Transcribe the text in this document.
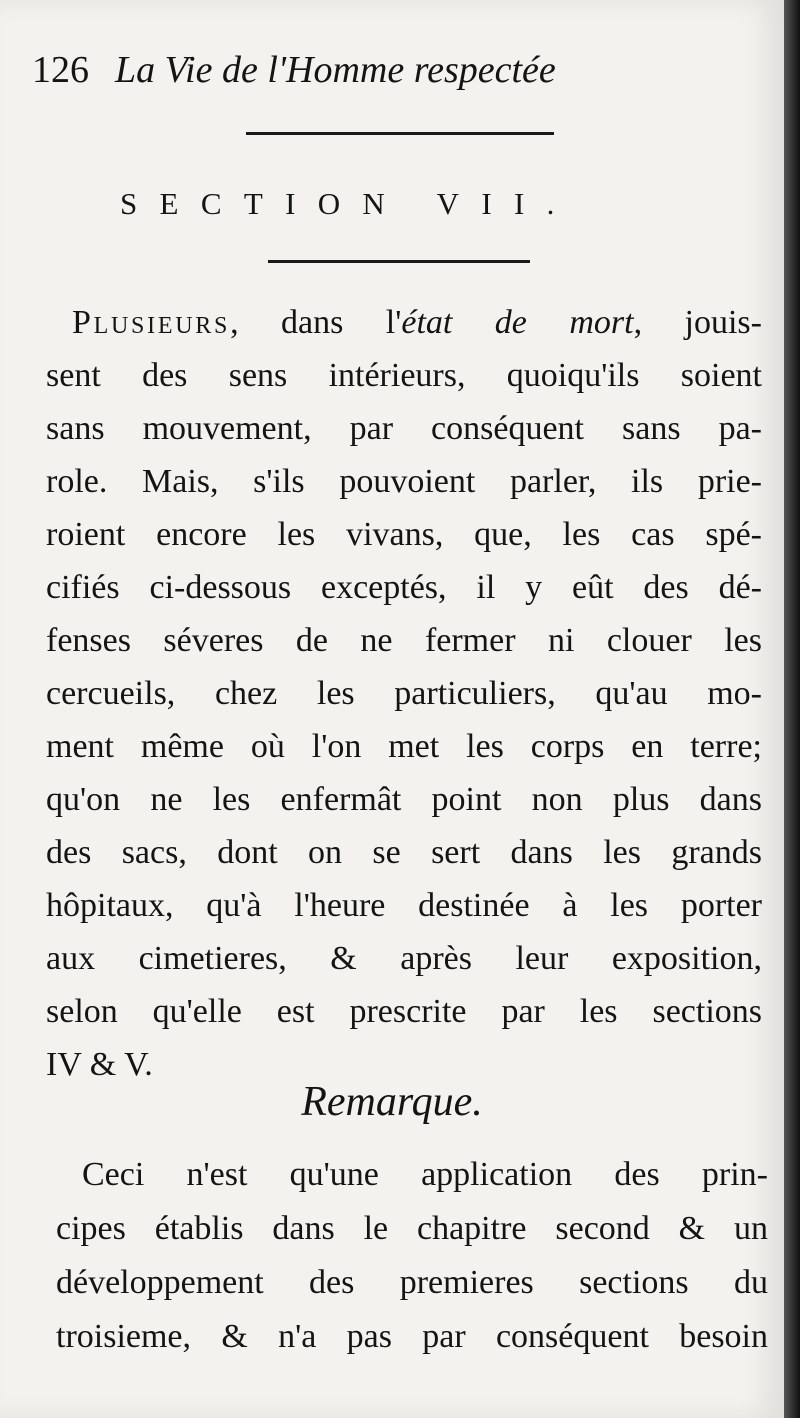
126 La Vie de l'Homme respectée
SECTION VII.
Plusieurs, dans l'état de mort, jouis-
sent des sens intérieurs, quoiqu'ils soient
sans mouvement, par conséquent sans pa-
role. Mais, s'ils pouvoient parler, ils prie-
roient encore les vivans, que, les cas spé-
cifiés ci-dessous exceptés, il y eût des dé-
fenses séveres de ne fermer ni clouer les
cercueils, chez les particuliers, qu'au mo-
ment même où l'on met les corps en terre;
qu'on ne les enfermât point non plus dans
des sacs, dont on se sert dans les grands
hôpitaux, qu'à l'heure destinée à les porter
aux cimetieres, & après leur exposition,
selon qu'elle est prescrite par les sections
IV & V.
Remarque.
Ceci n'est qu'une application des prin-
cipes établis dans le chapitre second & un
développement des premieres sections du
troisieme, & n'a pas par conséquent besoin
